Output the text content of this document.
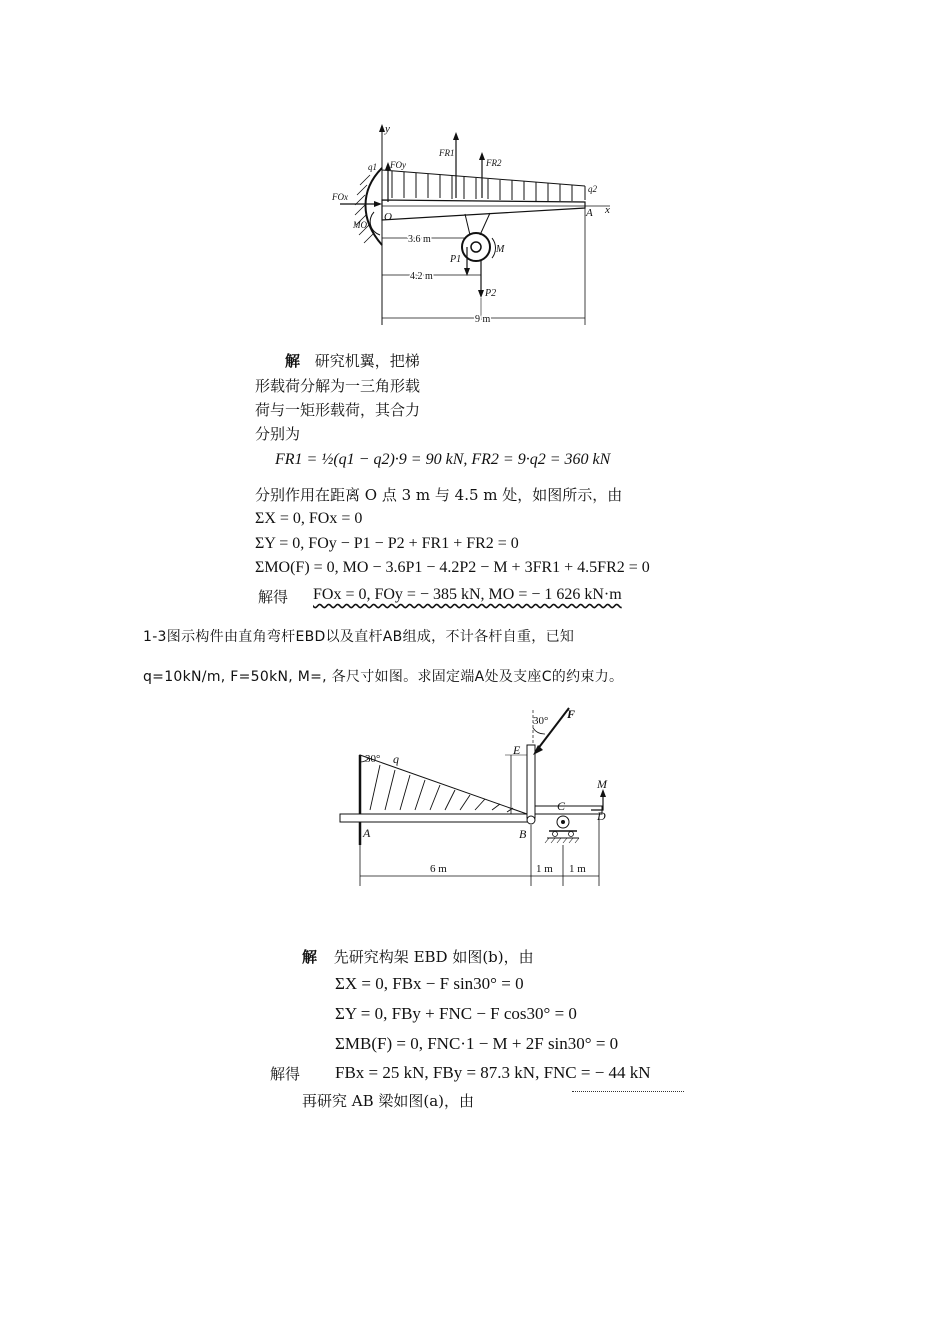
y
x
q1
q2
FOy
FOx
MO
O	A
FR1
FR2
P1
P2
M
3.6 m
4.2 m
9 m
解 研究机翼，把梯
形载荷分解为一三角形载
荷与一矩形载荷，其合力
分别为
FR1 = ½(q1 − q2)·9 = 90 kN, FR2 = 9·q2 = 360 kN
分别作用在距离 O 点 3 m 与 4.5 m 处，如图所示，由
ΣX = 0, FOx = 0
ΣY = 0, FOy − P1 − P2 + FR1 + FR2 = 0
ΣMO(F) = 0, MO − 3.6P1 − 4.2P2 − M + 3FR1 + 4.5FR2 = 0
解得 FOx = 0, FOy = − 385 kN, MO = − 1 626 kN·m
1-3图示构件由直角弯杆EBD以及直杆AB组成，不计各杆自重，已知
q=10kN/m, F=50kN, M=, 各尺寸如图。求固定端A处及支座C的约束力。
30° q
30° F
E
A	B
C
D
M
6 m	1 m 1 m
解 先研究构架 EBD 如图(b)，由
ΣX = 0, FBx − F sin30° = 0
ΣY = 0, FBy + FNC − F cos30° = 0
ΣMB(F) = 0, FNC·1 − M + 2F sin30° = 0
解得 FBx = 25 kN, FBy = 87.3 kN, FNC = − 44 kN
再研究 AB 梁如图(a)，由
